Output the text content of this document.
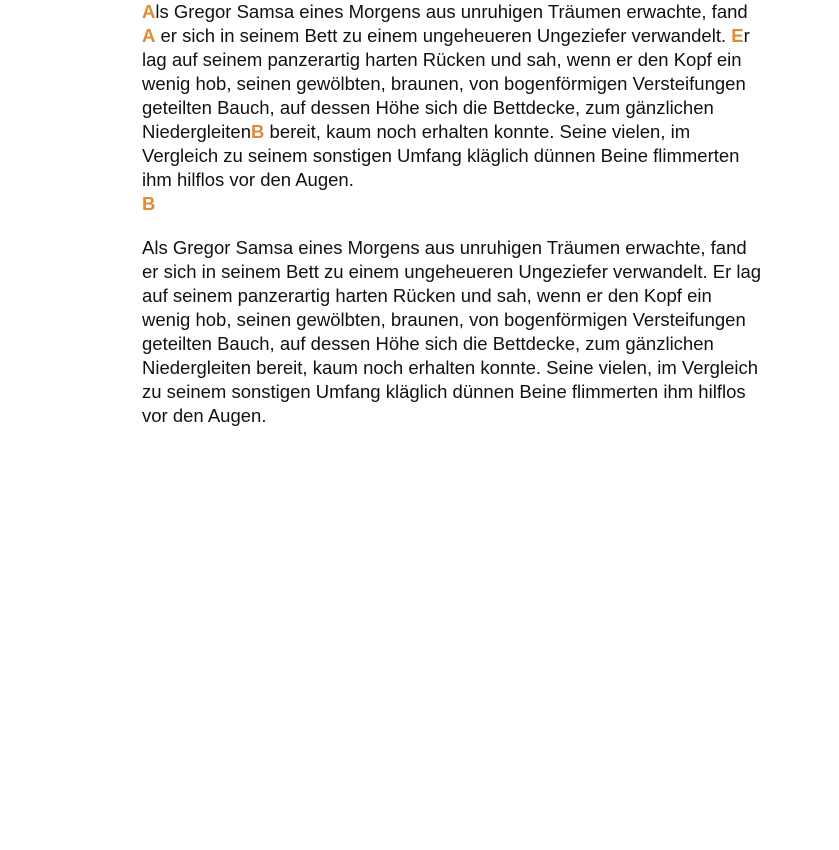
Als Gregor Samsa eines Morgens aus unruhigen Träumen erwachte, fand A er sich in seinem Bett zu einem ungeheueren Ungeziefer verwandelt. Er lag auf seinem panzerartig harten Rücken und sah, wenn er den Kopf ein wenig hob, seinen gewölbten, braunen, von bogenförmigen Versteifungen geteilten Bauch, auf dessen Höhe sich die Bettdecke, zum gänzlichen NiedergleitenB bereit, kaum noch erhalten konnte. Seine vielen, im Vergleich zu seinem sonstigen Umfang kläglich dünnen Beine flimmerten ihm hilflos vor den Augen.
B

Als Gregor Samsa eines Morgens aus unruhigen Träumen erwachte, fand er sich in seinem Bett zu einem ungeheueren Ungeziefer verwandelt. Er lag auf seinem panzerartig harten Rücken und sah, wenn er den Kopf ein wenig hob, seinen gewölbten, braunen, von bogenförmigen Versteifungen geteilten Bauch, auf dessen Höhe sich die Bettdecke, zum gänzlichen Niedergleiten bereit, kaum noch erhalten konnte. Seine vielen, im Vergleich zu seinem sonstigen Umfang kläglich dünnen Beine flimmerten ihm hilflos vor den Augen.
